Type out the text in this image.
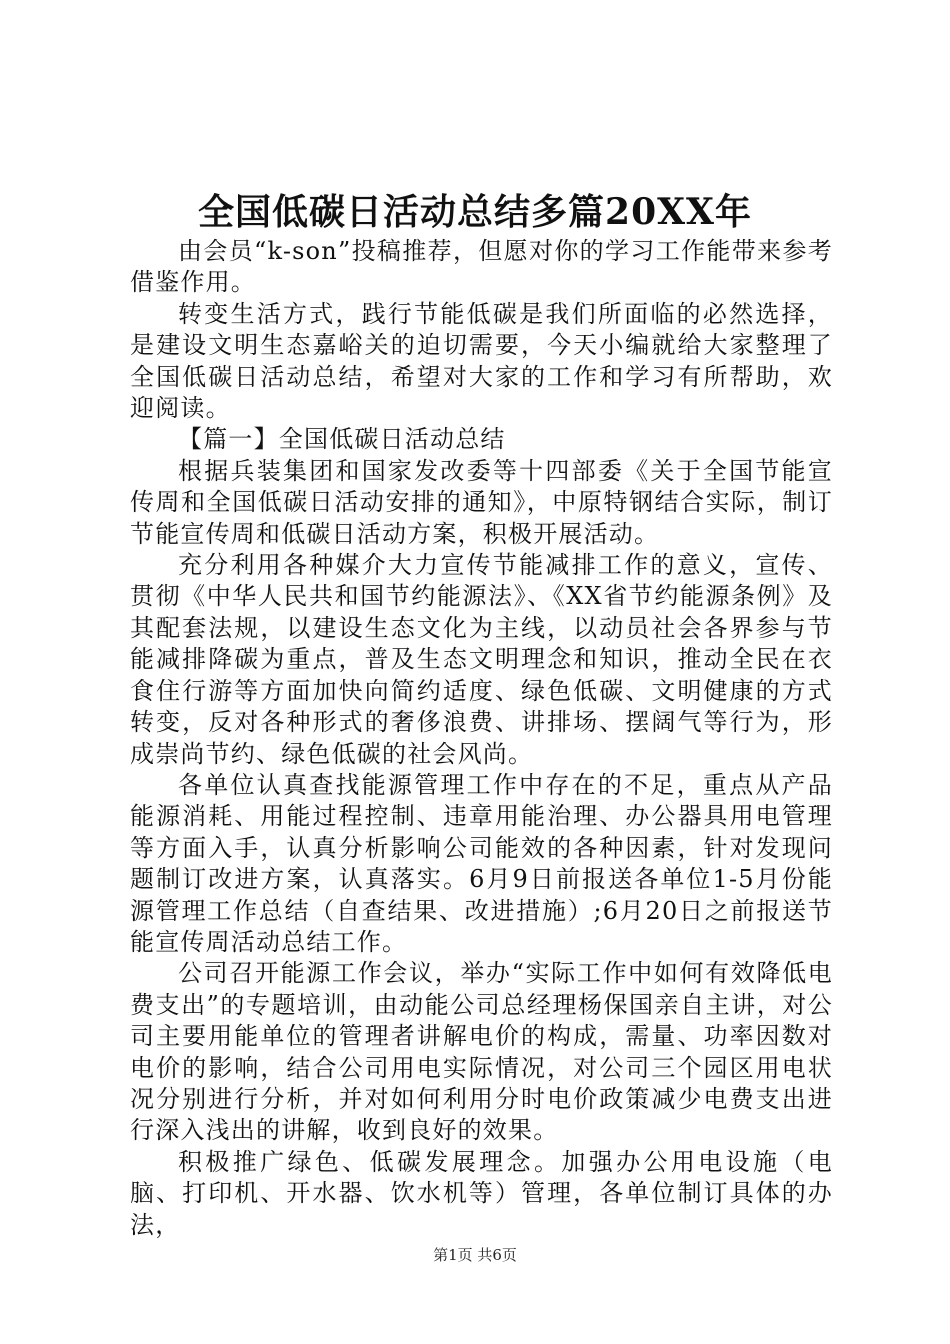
全国低碳日活动总结多篇20XX年

由会员“k-son”投稿推荐，但愿对你的学习工作能带来参考借鉴作用。

转变生活方式，践行节能低碳是我们所面临的必然选择，是建设文明生态嘉峪关的迫切需要，今天小编就给大家整理了全国低碳日活动总结，希望对大家的工作和学习有所帮助，欢迎阅读。

【篇一】全国低碳日活动总结

根据兵装集团和国家发改委等十四部委《关于全国节能宣传周和全国低碳日活动安排的通知》，中原特钢结合实际，制订节能宣传周和低碳日活动方案，积极开展活动。

充分利用各种媒介大力宣传节能减排工作的意义，宣传、贯彻《中华人民共和国节约能源法》、《XX省节约能源条例》及其配套法规，以建设生态文化为主线，以动员社会各界参与节能减排降碳为重点，普及生态文明理念和知识，推动全民在衣食住行游等方面加快向简约适度、绿色低碳、文明健康的方式转变，反对各种形式的奢侈浪费、讲排场、摆阔气等行为，形成崇尚节约、绿色低碳的社会风尚。

各单位认真查找能源管理工作中存在的不足，重点从产品能源消耗、用能过程控制、违章用能治理、办公器具用电管理等方面入手，认真分析影响公司能效的各种因素，针对发现问题制订改进方案，认真落实。6月9日前报送各单位1-5月份能源管理工作总结（自查结果、改进措施）;6月20日之前报送节能宣传周活动总结工作。

公司召开能源工作会议，举办“实际工作中如何有效降低电费支出”的专题培训，由动能公司总经理杨保国亲自主讲，对公司主要用能单位的管理者讲解电价的构成，需量、功率因数对电价的影响，结合公司用电实际情况，对公司三个园区用电状况分别进行分析，并对如何利用分时电价政策减少电费支出进行深入浅出的讲解，收到良好的效果。

积极推广绿色、低碳发展理念。加强办公用电设施（电脑、打印机、开水器、饮水机等）管理，各单位制订具体的办法，

第1页 共6页
